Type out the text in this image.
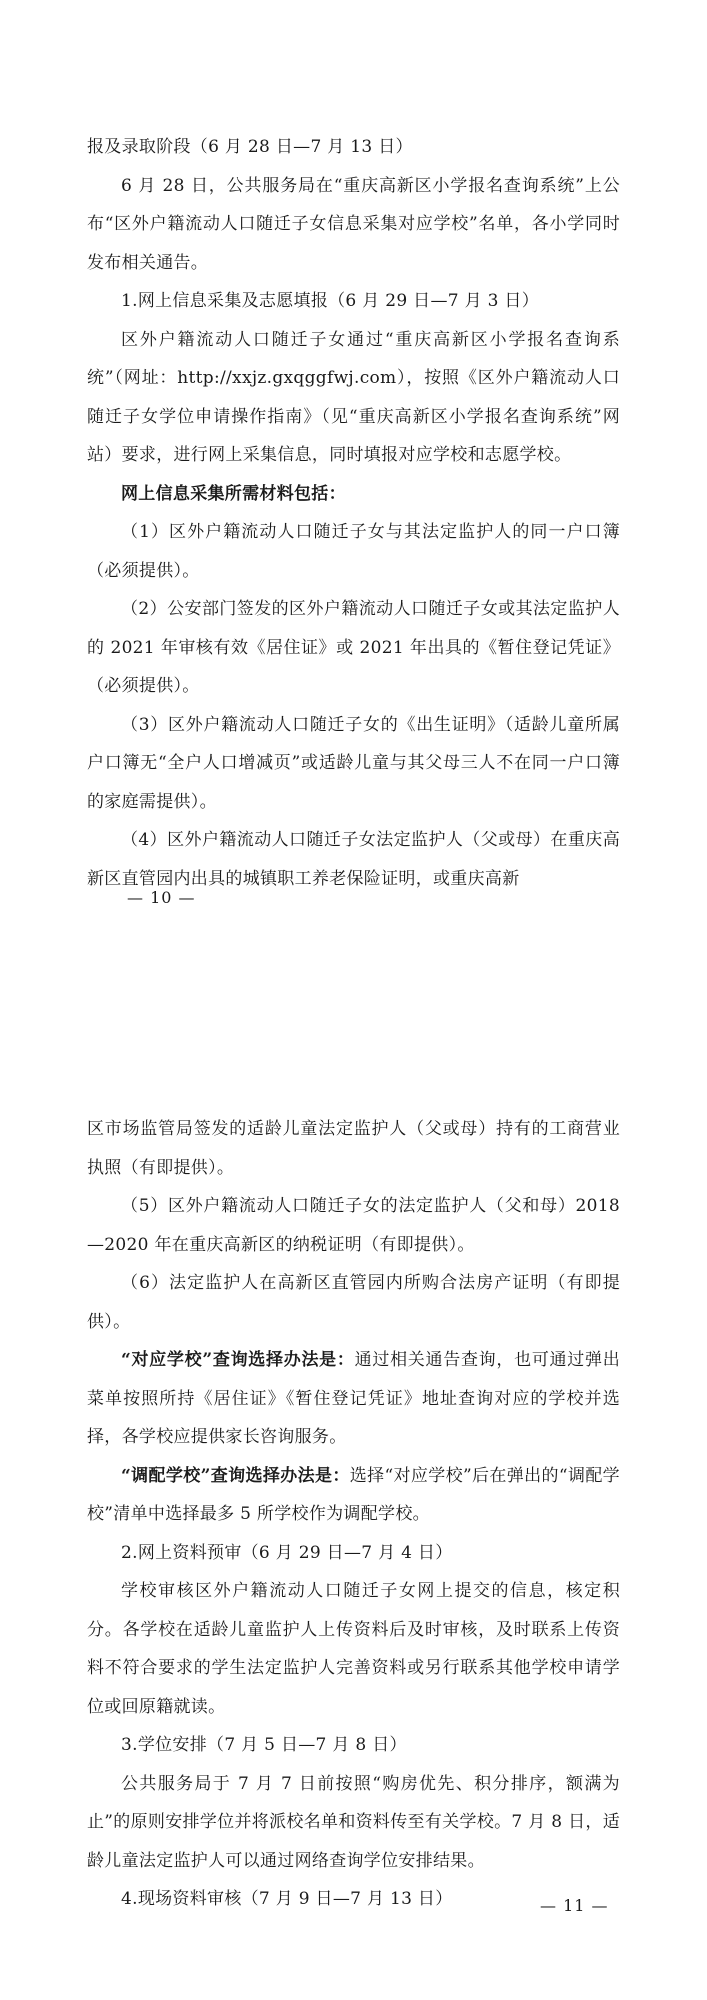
报及录取阶段（6 月 28 日—7 月 13 日）

6 月 28 日，公共服务局在“重庆高新区小学报名查询系统”上公布“区外户籍流动人口随迁子女信息采集对应学校”名单，各小学同时发布相关通告。

1.网上信息采集及志愿填报（6 月 29 日—7 月 3 日）

区外户籍流动人口随迁子女通过“重庆高新区小学报名查询系统”（网址：http://xxjz.gxqggfwj.com），按照《区外户籍流动人口随迁子女学位申请操作指南》（见“重庆高新区小学报名查询系统”网站）要求，进行网上采集信息，同时填报对应学校和志愿学校。

网上信息采集所需材料包括：

（1）区外户籍流动人口随迁子女与其法定监护人的同一户口簿（必须提供）。

（2）公安部门签发的区外户籍流动人口随迁子女或其法定监护人的 2021 年审核有效《居住证》或 2021 年出具的《暂住登记凭证》（必须提供）。

（3）区外户籍流动人口随迁子女的《出生证明》（适龄儿童所属户口簿无“全户人口增减页”或适龄儿童与其父母三人不在同一户口簿的家庭需提供）。

（4）区外户籍流动人口随迁子女法定监护人（父或母）在重庆高新区直管园内出具的城镇职工养老保险证明，或重庆高新

— 10 —

区市场监管局签发的适龄儿童法定监护人（父或母）持有的工商营业执照（有即提供）。

（5）区外户籍流动人口随迁子女的法定监护人（父和母）2018—2020 年在重庆高新区的纳税证明（有即提供）。

（6）法定监护人在高新区直管园内所购合法房产证明（有即提供）。

“对应学校”查询选择办法是：通过相关通告查询，也可通过弹出菜单按照所持《居住证》《暂住登记凭证》地址查询对应的学校并选择，各学校应提供家长咨询服务。

“调配学校”查询选择办法是：选择“对应学校”后在弹出的“调配学校”清单中选择最多 5 所学校作为调配学校。

2.网上资料预审（6 月 29 日—7 月 4 日）

学校审核区外户籍流动人口随迁子女网上提交的信息，核定积分。各学校在适龄儿童监护人上传资料后及时审核，及时联系上传资料不符合要求的学生法定监护人完善资料或另行联系其他学校申请学位或回原籍就读。

3.学位安排（7 月 5 日—7 月 8 日）

公共服务局于 7 月 7 日前按照“购房优先、积分排序，额满为止”的原则安排学位并将派校名单和资料传至有关学校。7 月 8 日，适龄儿童法定监护人可以通过网络查询学位安排结果。

4.现场资料审核（7 月 9 日—7 月 13 日）	— 11 —
